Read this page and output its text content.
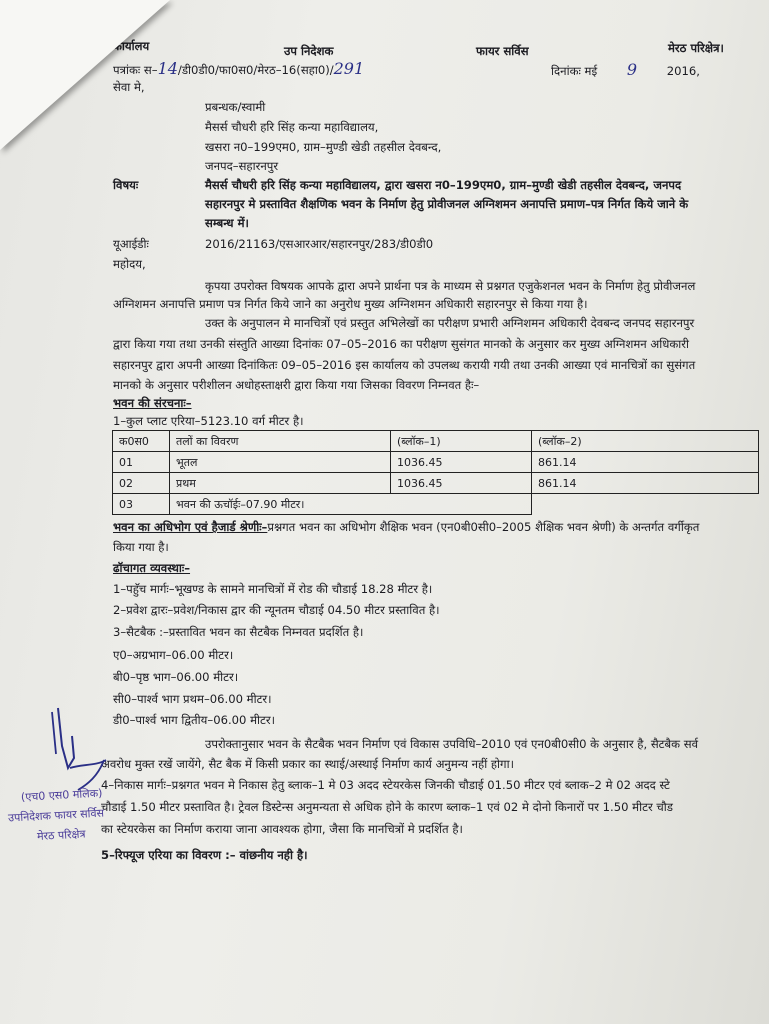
कार्यालय	उप निदेशक	फायर सर्विस	मेरठ परिक्षेत्र।
पत्रांकः स–14/डी0डी0/फा0स0/मेरठ–16(सहा0)/291	दिनांकः मई 9	2016,
सेवा मे,
प्रबन्धक/स्वामी
मैसर्स चौधरी हरि सिंह कन्या महाविद्यालय,
खसरा न0–199एम0, ग्राम–मुण्डी खेडी तहसील देवबन्द,
जनपद–सहारनपुर
विषयः	मैसर्स चौधरी हरि सिंह कन्या महाविद्यालय, द्वारा खसरा न0–199एम0, ग्राम–मुण्डी खेडी तहसील देवबन्द, जनपद
सहारनपुर मे प्रस्तावित शैक्षणिक भवन के निर्माण हेतु प्रोवीजनल अग्निशमन अनापत्ति प्रमाण–पत्र निर्गत किये जाने के
सम्बन्ध में।
यूआईडीः	2016/21163/एसआरआर/सहारनपुर/283/डी0डी0
महोदय,
कृपया उपरोक्त विषयक आपके द्वारा अपने प्रार्थना पत्र के माध्यम से प्रश्नगत एजुकेशनल भवन के निर्माण हेतु प्रोवीजनल
अग्निशमन अनापत्ति प्रमाण पत्र निर्गत किये जाने का अनुरोध मुख्य अग्निशमन अधिकारी सहारनपुर से किया गया है।
उक्त के अनुपालन मे मानचित्रों एवं प्रस्तुत अभिलेखों का परीक्षण प्रभारी अग्निशमन अधिकारी देवबन्द जनपद सहारनपुर
द्वारा किया गया तथा उनकी संस्तुति आख्या दिनांकः 07–05–2016 का परीक्षण सुसंगत मानको के अनुसार कर मुख्य अग्निशमन अधिकारी
सहारनपुर द्वारा अपनी आख्या दिनांकितः 09–05–2016 इस कार्यालय को उपलब्ध करायी गयी तथा उनकी आख्या एवं मानचित्रों का सुसंगत
मानको के अनुसार परीशीलन अधोहस्ताक्षरी द्वारा किया गया जिसका विवरण निम्नवत हैः–
भवन की संरचनाः–
1–कुल प्लाट एरिया–5123.10 वर्ग मीटर है।
क0स0	तलों का विवरण	(ब्लॉक–1)	(ब्लॉक–2)
01	भूतल	1036.45	861.14
02	प्रथम	1036.45	861.14
03	भवन की ऊचॉईः–07.90 मीटर।		
भवन का अधिभोग एवं हैजार्ड श्रेणीः–प्रश्नगत भवन का अधिभोग शैक्षिक भवन (एन0बी0सी0–2005 शैक्षिक भवन श्रेणी) के अन्तर्गत वर्गीकृत
किया गया है।
ढॉचागत व्यवस्थाः–
1–पहुॅच मार्गः–भूखण्ड के सामने मानचित्रों में रोड की चौडाई 18.28 मीटर है।
2–प्रवेश द्वारः–प्रवेश/निकास द्वार की न्यूनतम चौडाई 04.50 मीटर प्रस्तावित है।
3–सैटबैक :–प्रस्तावित भवन का सैटबैक निम्नवत प्रदर्शित है।
ए0–अग्रभाग–06.00 मीटर।
बी0–पृष्ठ भाग–06.00 मीटर।
सी0–पार्श्व भाग प्रथम–06.00 मीटर।
डी0–पार्श्व भाग द्वितीय–06.00 मीटर।
उपरोक्तानुसार भवन के सैटबैक भवन निर्माण एवं विकास उपविधि–2010 एवं एन0बी0सी0 के अनुसार है, सैटबैक सर्व
अवरोध मुक्त रखें जायेंगे, सैट बैक में किसी प्रकार का स्थाई/अस्थाई निर्माण कार्य अनुमन्य नहीं होगा।
4–निकास मार्गः–प्रश्नगत भवन मे निकास हेतु ब्लाक–1 मे 03 अदद स्टेयरकेस जिनकी चौडाई 01.50 मीटर एवं ब्लाक–2 मे 02 अदद स्टे
चौडाई 1.50 मीटर प्रस्तावित है। ट्रेवल डिस्टेन्स अनुमन्यता से अधिक होने के कारण ब्लाक–1 एवं 02 मे दोनो किनारों पर 1.50 मीटर चौड
का स्टेयरकेस का निर्माण कराया जाना आवश्यक होगा, जैसा कि मानचित्रों मे प्रदर्शित है।
5–रिफ्यूज एरिया का विवरण :– वांछनीय नही है।
(एच0 एस0 मलिक)
उपनिदेशक फायर सर्विस
मेरठ परिक्षेत्र
